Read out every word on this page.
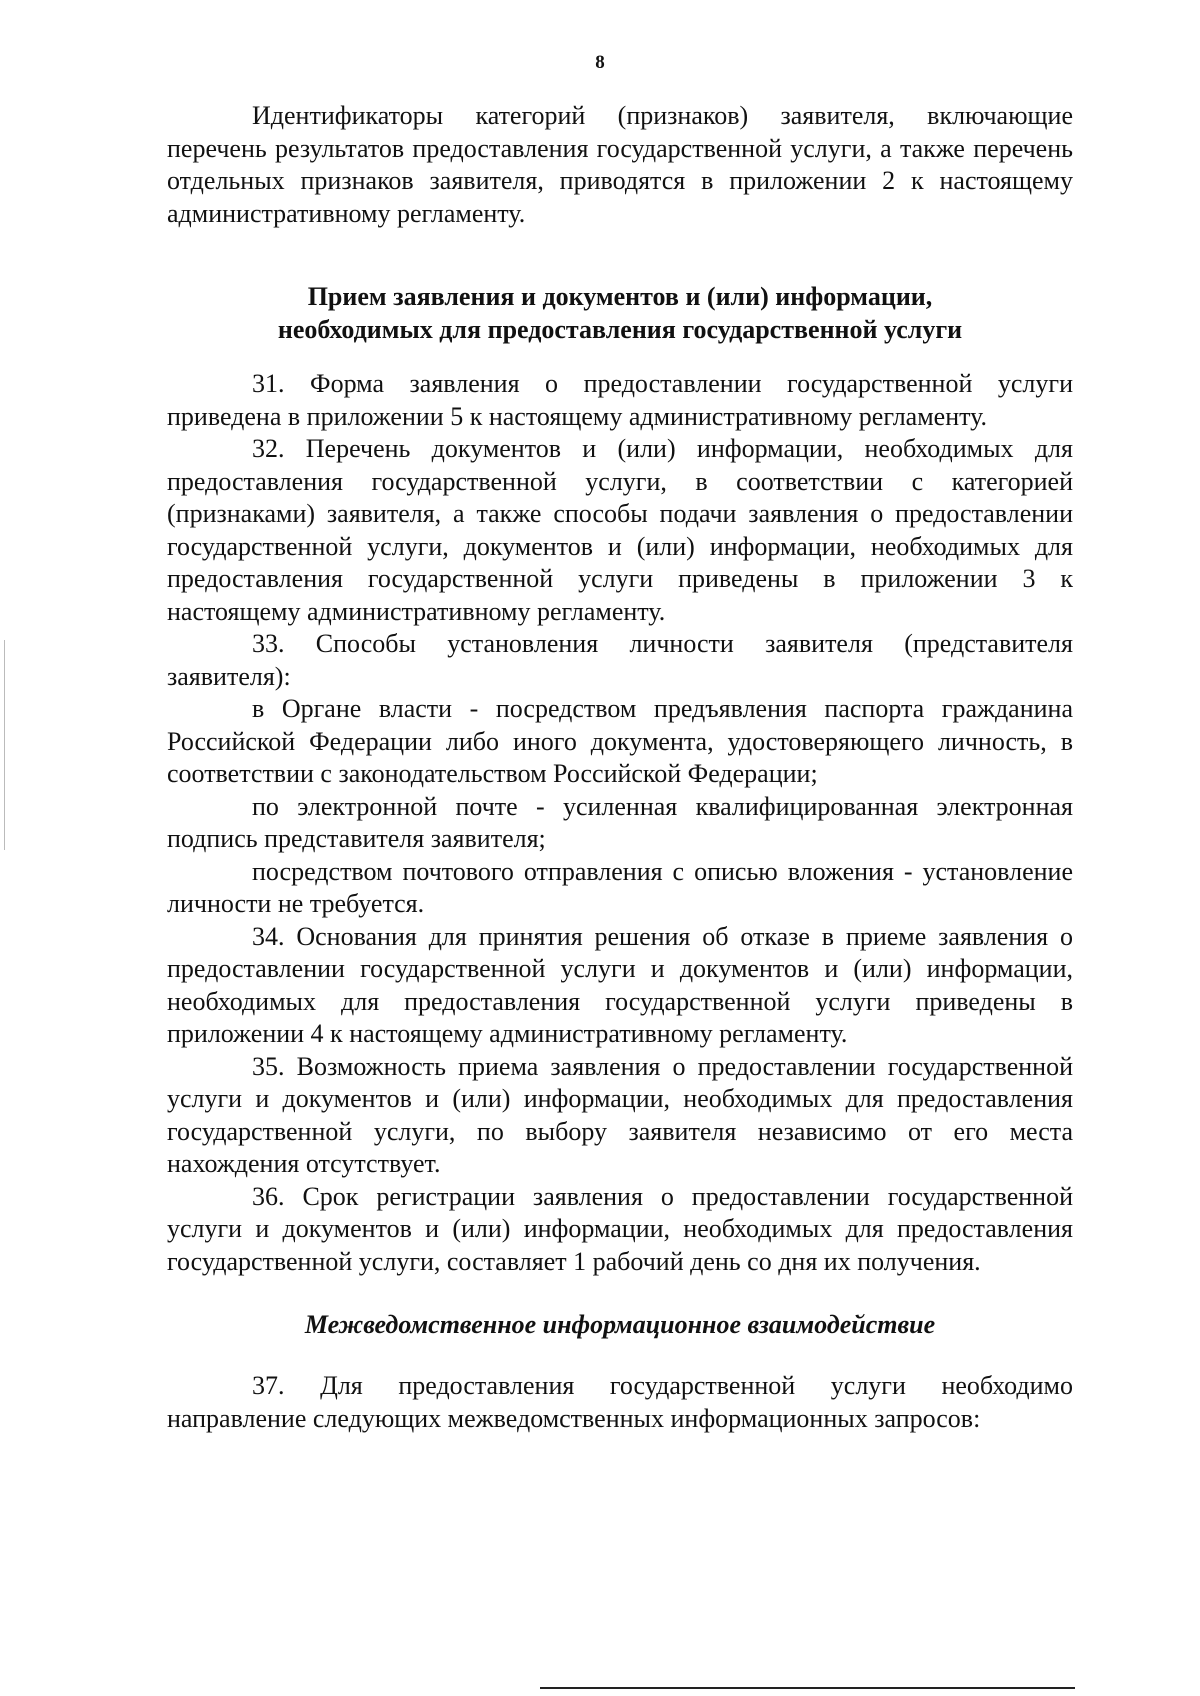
8

Идентификаторы категорий (признаков) заявителя, включающие перечень результатов предоставления государственной услуги, а также перечень отдельных признаков заявителя, приводятся в приложении 2 к настоящему административному регламенту.

Прием заявления и документов и (или) информации,

необходимых для предоставления государственной услуги

31. Форма заявления о предоставлении государственной услуги приведена в приложении 5 к настоящему административному регламенту.

32. Перечень документов и (или) информации, необходимых для предоставления государственной услуги, в соответствии с категорией (признаками) заявителя, а также способы подачи заявления о предоставлении государственной услуги, документов и (или) информации, необходимых для предоставления государственной услуги приведены в приложении 3 к настоящему административному регламенту.

33. Способы установления личности заявителя (представителя заявителя):

в Органе власти - посредством предъявления паспорта гражданина Российской Федерации либо иного документа, удостоверяющего личность, в соответствии с законодательством Российской Федерации;

по электронной почте - усиленная квалифицированная электронная подпись представителя заявителя;

посредством почтового отправления с описью вложения - установление личности не требуется.

34. Основания для принятия решения об отказе в приеме заявления о предоставлении государственной услуги и документов и (или) информации, необходимых для предоставления государственной услуги приведены в приложении 4 к настоящему административному регламенту.

35. Возможность приема заявления о предоставлении государственной услуги и документов и (или) информации, необходимых для предоставления государственной услуги, по выбору заявителя независимо от его места нахождения отсутствует.

36. Срок регистрации заявления о предоставлении государственной услуги и документов и (или) информации, необходимых для предоставления государственной услуги, составляет 1 рабочий день со дня их получения.

Межведомственное информационное взаимодействие

37. Для предоставления государственной услуги необходимо направление следующих межведомственных информационных запросов:
